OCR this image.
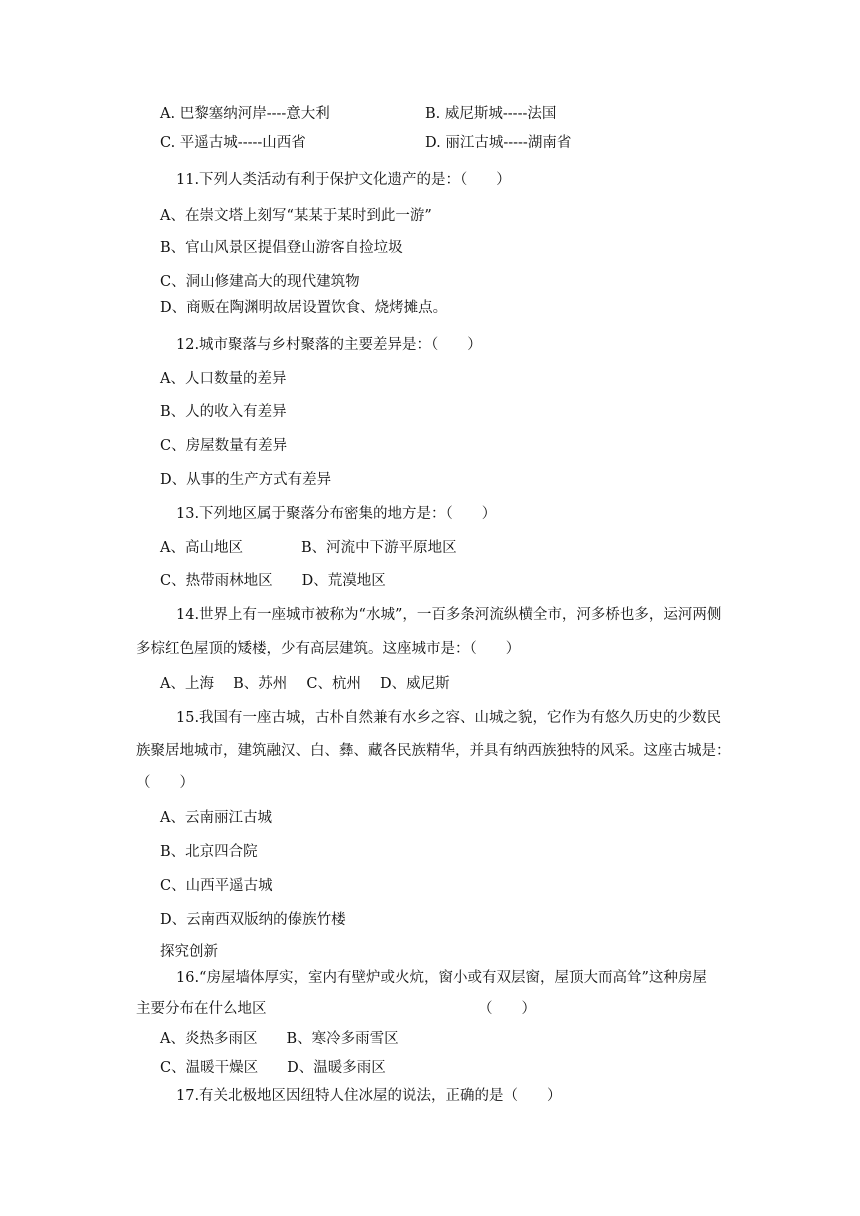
A. 巴黎塞纳河岸----意大利	B. 威尼斯城-----法国
C. 平遥古城-----山西省	D. 丽江古城-----湖南省
11.下列人类活动有利于保护文化遗产的是：（　　）
A、在崇文塔上刻写“某某于某时到此一游”
B、官山风景区提倡登山游客自捡垃圾
C、洞山修建高大的现代建筑物
D、商贩在陶渊明故居设置饮食、烧烤摊点。
12.城市聚落与乡村聚落的主要差异是：（　　）
A、人口数量的差异
B、人的收入有差异
C、房屋数量有差异
D、从事的生产方式有差异
13.下列地区属于聚落分布密集的地方是：（　　）
A、高山地区　　　　B、河流中下游平原地区
C、热带雨林地区　　D、荒漠地区
14.世界上有一座城市被称为“水城”，一百多条河流纵横全市，河多桥也多，运河两侧
多棕红色屋顶的矮楼，少有高层建筑。这座城市是：（　　）
A、上海　 B、苏州　 C、杭州　 D、威尼斯
15.我国有一座古城，古朴自然兼有水乡之容、山城之貌，它作为有悠久历史的少数民
族聚居地城市，建筑融汉、白、彝、藏各民族精华，并具有纳西族独特的风采。这座古城是：
（　　）
A、云南丽江古城
B、北京四合院
C、山西平遥古城
D、云南西双版纳的傣族竹楼
探究创新
16.“房屋墙体厚实，室内有壁炉或火炕，窗小或有双层窗，屋顶大而高耸”这种房屋
主要分布在什么地区	（　　）
A、炎热多雨区　　B、寒冷多雨雪区
C、温暖干燥区　　D、温暖多雨区
17.有关北极地区因纽特人住冰屋的说法，正确的是（　　）
